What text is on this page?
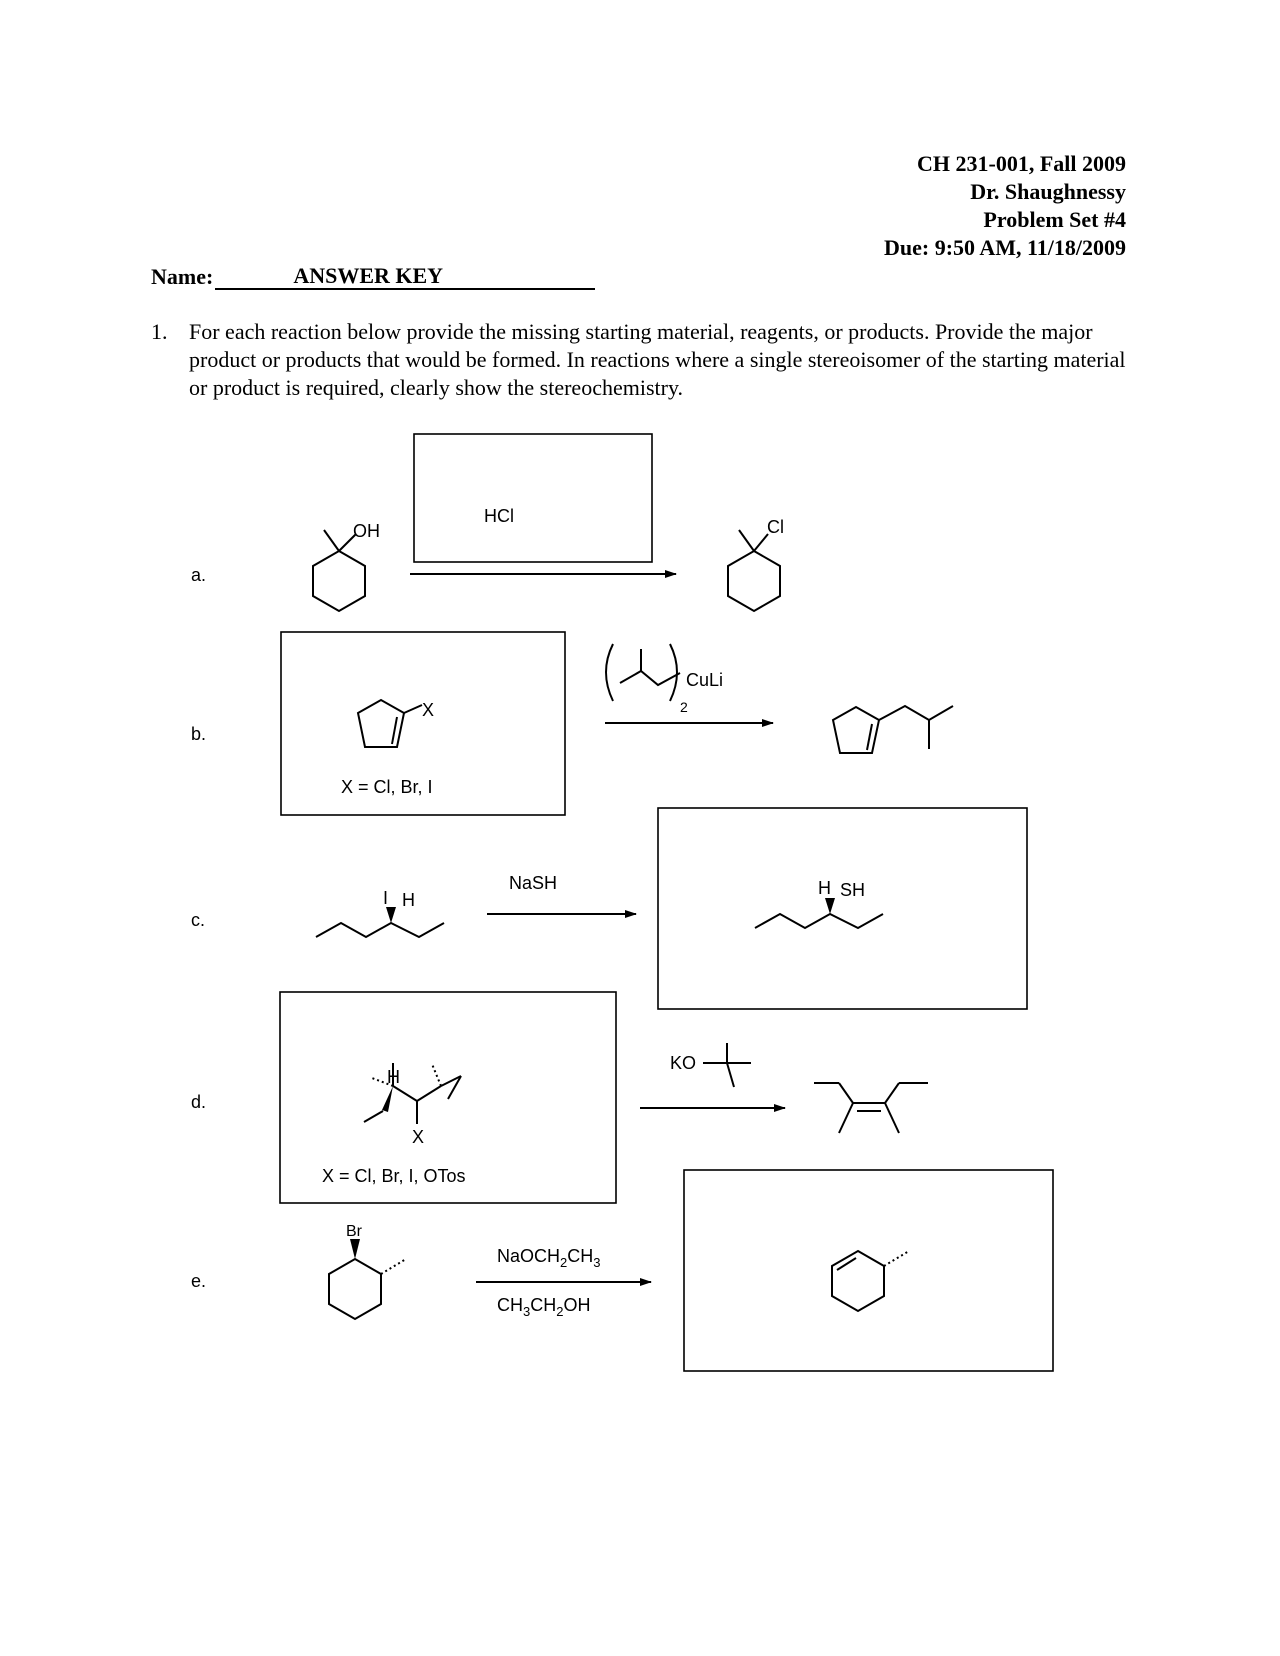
CH 231-001, Fall 2009
Dr. Shaughnessy
Problem Set #4
Due: 9:50 AM, 11/18/2009
Name:	ANSWER KEY
1. For each reaction below provide the missing starting material, reagents, or products. Provide the major product or products that would be formed. In reactions where a single stereoisomer of the starting material or product is required, clearly show the stereochemistry.
a.
OH
HCl
Cl
b.
X
X = Cl, Br, I
CuLi
2
c.
I H
NaSH	H SH
d.
H
X
X = Cl, Br, I, OTos
KO
e.
Br
$NaOCH_2CH_3$
$CH_3CH_2OH$
